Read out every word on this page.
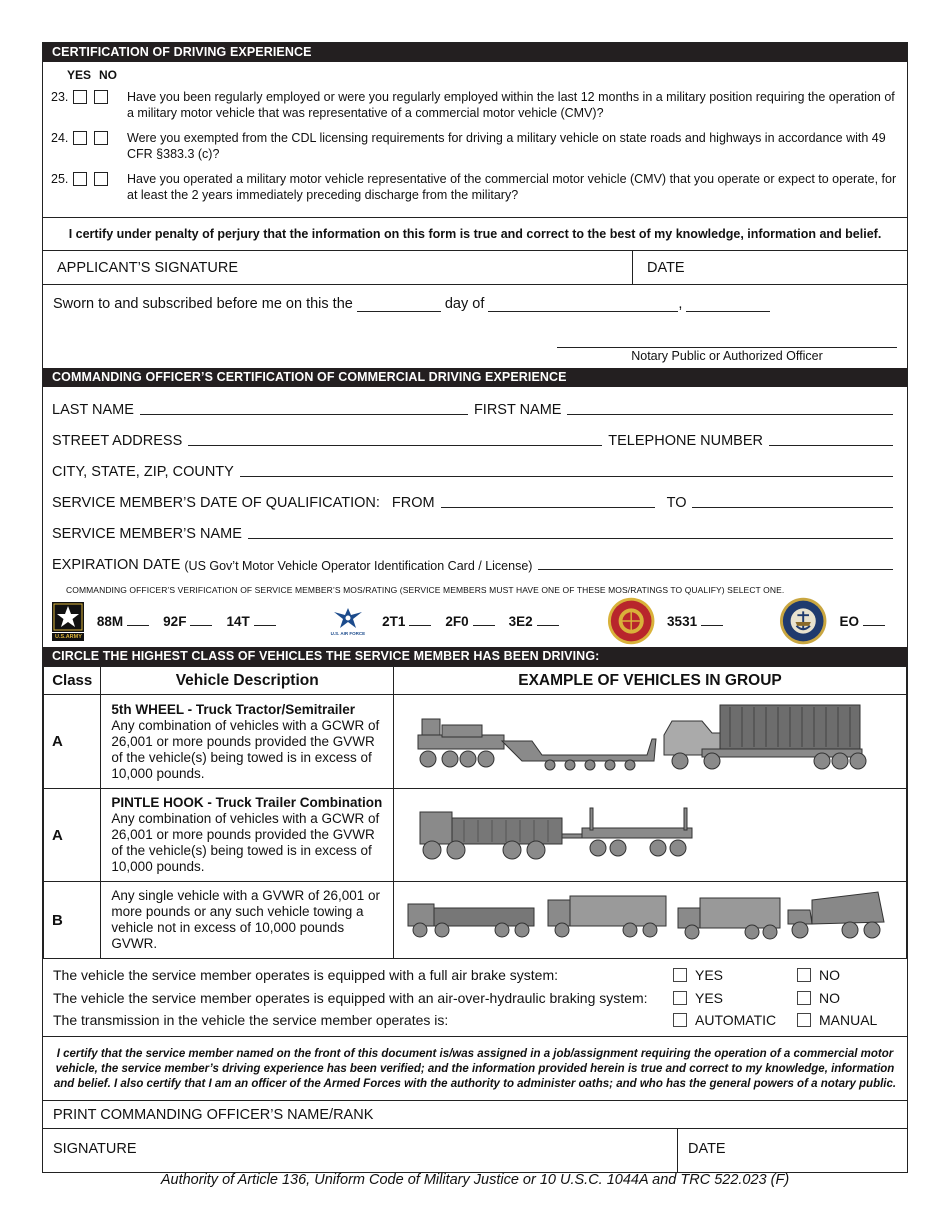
CERTIFICATION OF DRIVING EXPERIENCE
YES NO
23.	Have you been regularly employed or were you regularly employed within the last 12 months in a military position requiring the operation of a military motor vehicle that was representative of a commercial motor vehicle (CMV)?
24.	Were you exempted from the CDL licensing requirements for driving a military vehicle on state roads and highways in accordance with 49 CFR §383.3 (c)?
25.	Have you operated a military motor vehicle representative of the commercial motor vehicle (CMV) that you operate or expect to operate, for at least the 2 years immediately preceding discharge from the military?
I certify under penalty of perjury that the information on this form is true and correct to the best of my knowledge, information and belief.
APPLICANT’S SIGNATURE	DATE
Sworn to and subscribed before me on this the	day of	,
Notary Public or Authorized Officer
COMMANDING OFFICER’S CERTIFICATION OF COMMERCIAL DRIVING EXPERIENCE
LAST NAME	FIRST NAME
STREET ADDRESS	TELEPHONE NUMBER
CITY, STATE, ZIP, COUNTY
SERVICE MEMBER’S DATE OF QUALIFICATION: FROM	TO
SERVICE MEMBER’S NAME
EXPIRATION DATE (US Gov’t Motor Vehicle Operator Identification Card / License)
COMMANDING OFFICER’S VERIFICATION OF SERVICE MEMBER’S MOS/RATING (SERVICE MEMBERS MUST HAVE ONE OF THESE MOS/RATINGS TO QUALIFY) SELECT ONE.
U.S.ARMY
88M	92F	14T
U.S. AIR FORCE
2T1	2F0	3E2	3531	EO
CIRCLE THE HIGHEST CLASS OF VEHICLES THE SERVICE MEMBER HAS BEEN DRIVING:
Class	Vehicle Description	EXAMPLE OF VEHICLES IN GROUP
A	5th WHEEL - Truck Tractor/Semitrailer
Any combination of vehicles with a GCWR of 26,001 or more pounds provided the GVWR of the vehicle(s) being towed is in excess of 10,000 pounds.	
A	PINTLE HOOK - Truck Trailer Combination
Any combination of vehicles with a GCWR of 26,001 or more pounds provided the GVWR of the vehicle(s) being towed is in excess of 10,000 pounds.	
B	Any single vehicle with a GVWR of 26,001 or more pounds or any such vehicle towing a vehicle not in excess of 10,000 pounds GVWR.	
The vehicle the service member operates is equipped with a full air brake system:	YES	NO
The vehicle the service member operates is equipped with an air-over-hydraulic braking system:	YES	NO
The transmission in the vehicle the service member operates is:	AUTOMATIC	MANUAL
I certify that the service member named on the front of this document is/was assigned in a job/assignment requiring the operation of a commercial motor vehicle, the service member’s driving experience has been verified; and the information provided herein is true and correct to my knowledge, information and belief. I also certify that I am an officer of the Armed Forces with the authority to administer oaths; and who has the general powers of a notary public.
PRINT COMMANDING OFFICER’S NAME/RANK
SIGNATURE	DATE
Authority of Article 136, Uniform Code of Military Justice or 10 U.S.C. 1044A and TRC 522.023 (F)
